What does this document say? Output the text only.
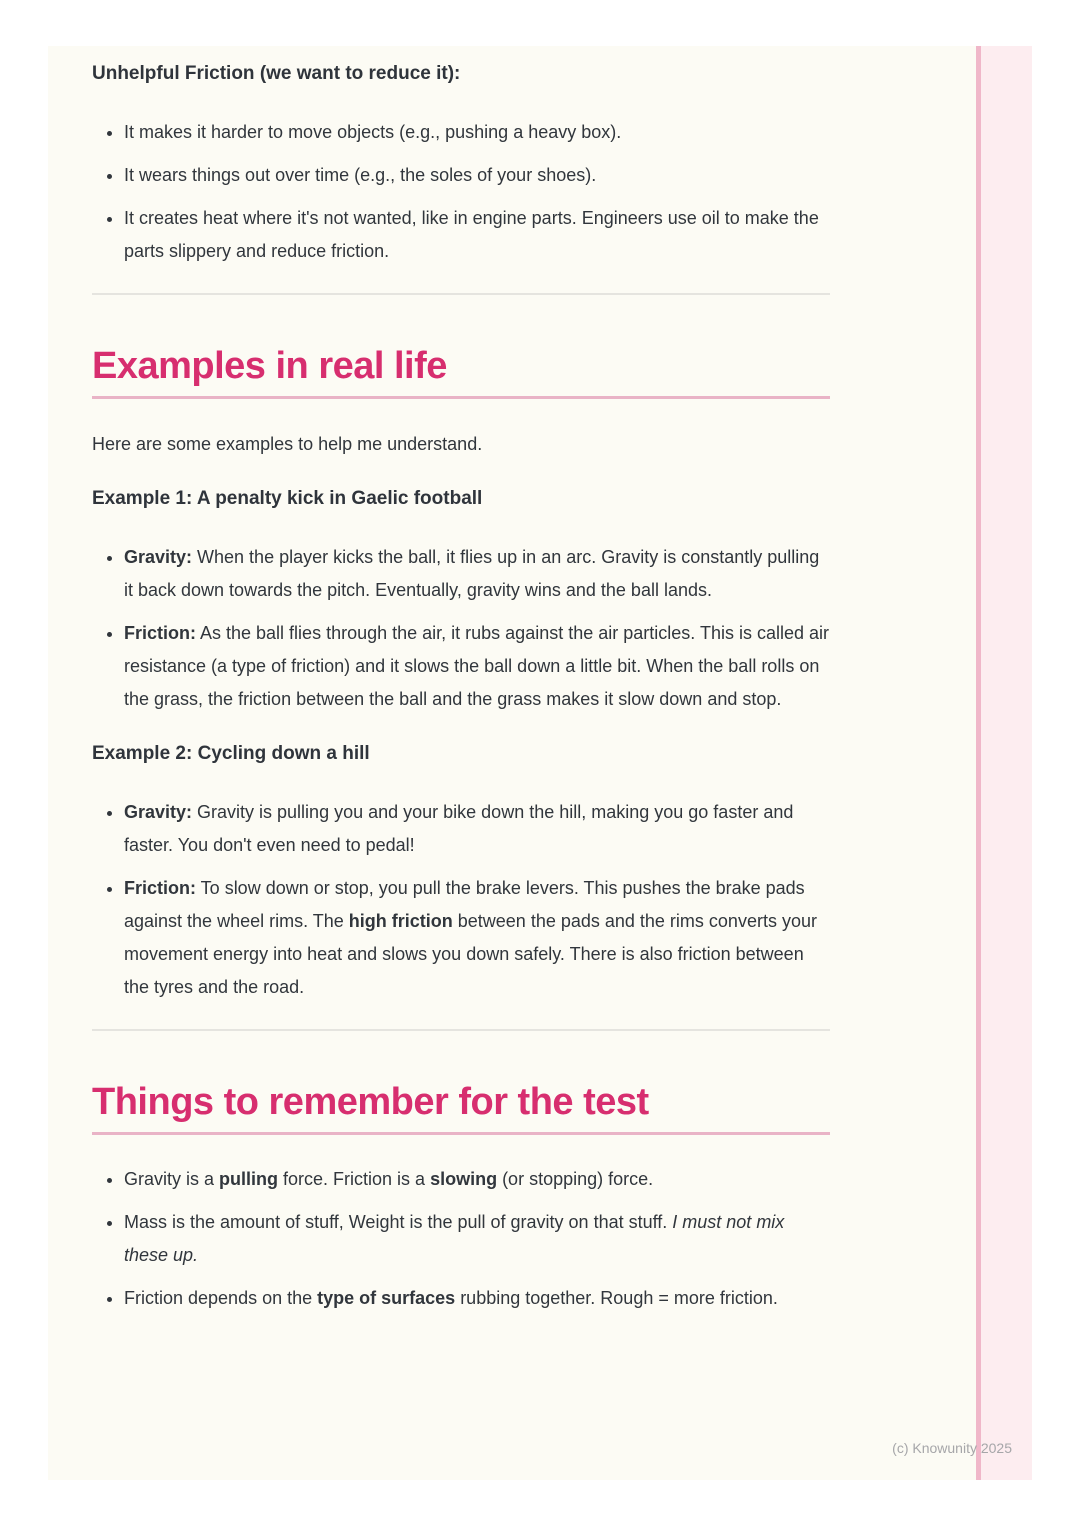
Unhelpful Friction (we want to reduce it):
• It makes it harder to move objects (e.g., pushing a heavy box).
• It wears things out over time (e.g., the soles of your shoes).
• It creates heat where it's not wanted, like in engine parts. Engineers use oil to make the parts slippery and reduce friction.
Examples in real life

Here are some examples to help me understand.

Example 1: A penalty kick in Gaelic football
• Gravity: When the player kicks the ball, it flies up in an arc. Gravity is constantly pulling it back down towards the pitch. Eventually, gravity wins and the ball lands.
• Friction: As the ball flies through the air, it rubs against the air particles. This is called air resistance (a type of friction) and it slows the ball down a little bit. When the ball rolls on the grass, the friction between the ball and the grass makes it slow down and stop.
Example 2: Cycling down a hill
• Gravity: Gravity is pulling you and your bike down the hill, making you go faster and faster. You don't even need to pedal!
• Friction: To slow down or stop, you pull the brake levers. This pushes the brake pads against the wheel rims. The high friction between the pads and the rims converts your movement energy into heat and slows you down safely. There is also friction between the tyres and the road.
Things to remember for the test
• Gravity is a pulling force. Friction is a slowing (or stopping) force.
• Mass is the amount of stuff, Weight is the pull of gravity on that stuff. I must not mix these up.
• Friction depends on the type of surfaces rubbing together. Rough = more friction.
(c) Knowunity 2025
